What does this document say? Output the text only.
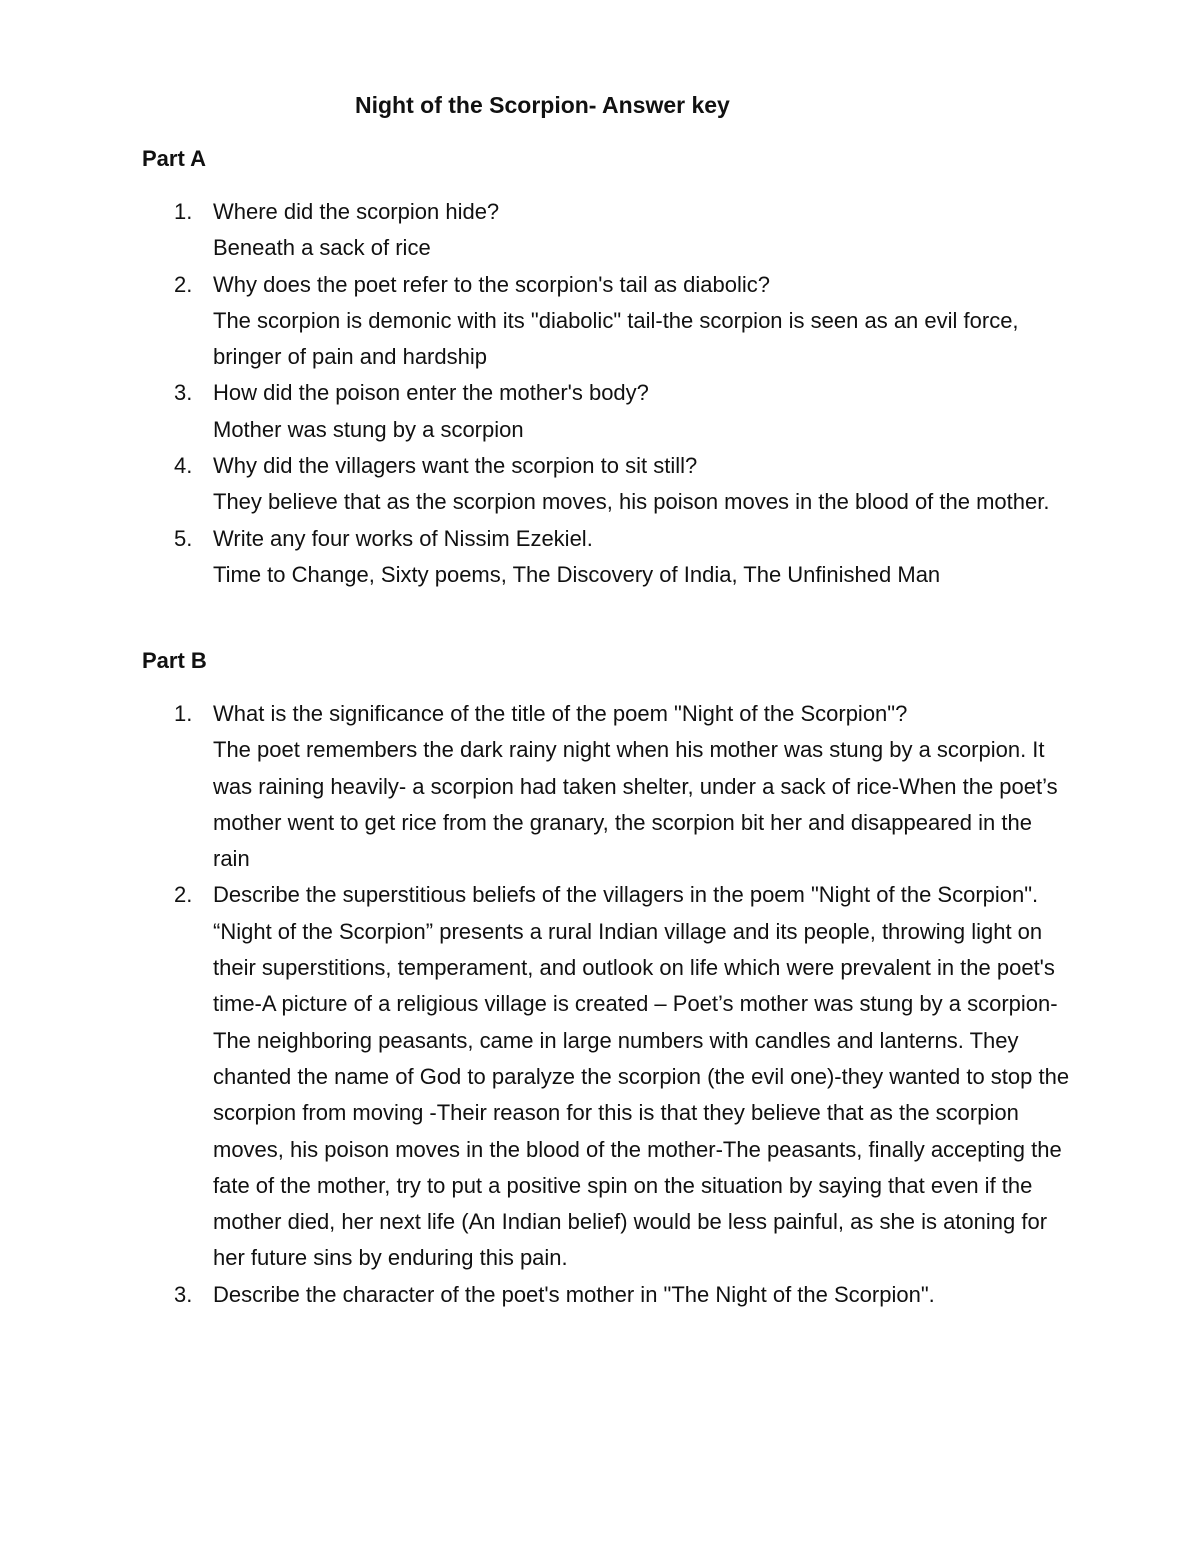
Night of the Scorpion- Answer key
Part A
1. Where did the scorpion hide?
Beneath a sack of rice
2. Why does the poet refer to the scorpion's tail as diabolic?
The scorpion is demonic with its "diabolic" tail-the scorpion is seen as an evil force, bringer of pain and hardship
3. How did the poison enter the mother's body?
Mother was stung by a scorpion
4. Why did the villagers want the scorpion to sit still?
They believe that as the scorpion moves, his poison moves in the blood of the mother.
5. Write any four works of Nissim Ezekiel.
Time to Change, Sixty poems, The Discovery of India, The Unfinished Man
Part B
1. What is the significance of the title of the poem "Night of the Scorpion"?
The poet remembers the dark rainy night when his mother was stung by a scorpion. It was raining heavily- a scorpion had taken shelter, under a sack of rice-When the poet’s mother went to get rice from the granary, the scorpion bit her and disappeared in the rain
2. Describe the superstitious beliefs of the villagers in the poem "Night of the Scorpion".
“Night of the Scorpion” presents a rural Indian village and its people, throwing light on their superstitions, temperament, and outlook on life which were prevalent in the poet's time-A picture of a religious village is created – Poet’s mother was stung by a scorpion- The neighboring peasants, came in large numbers with candles and lanterns. They chanted the name of God to paralyze the scorpion (the evil one)-they wanted to stop the scorpion from moving -Their reason for this is that they believe that as the scorpion moves, his poison moves in the blood of the mother-The peasants, finally accepting the fate of the mother, try to put a positive spin on the situation by saying that even if the mother died, her next life (An Indian belief) would be less painful, as she is atoning for her future sins by enduring this pain.
3. Describe the character of the poet's mother in "The Night of the Scorpion".
